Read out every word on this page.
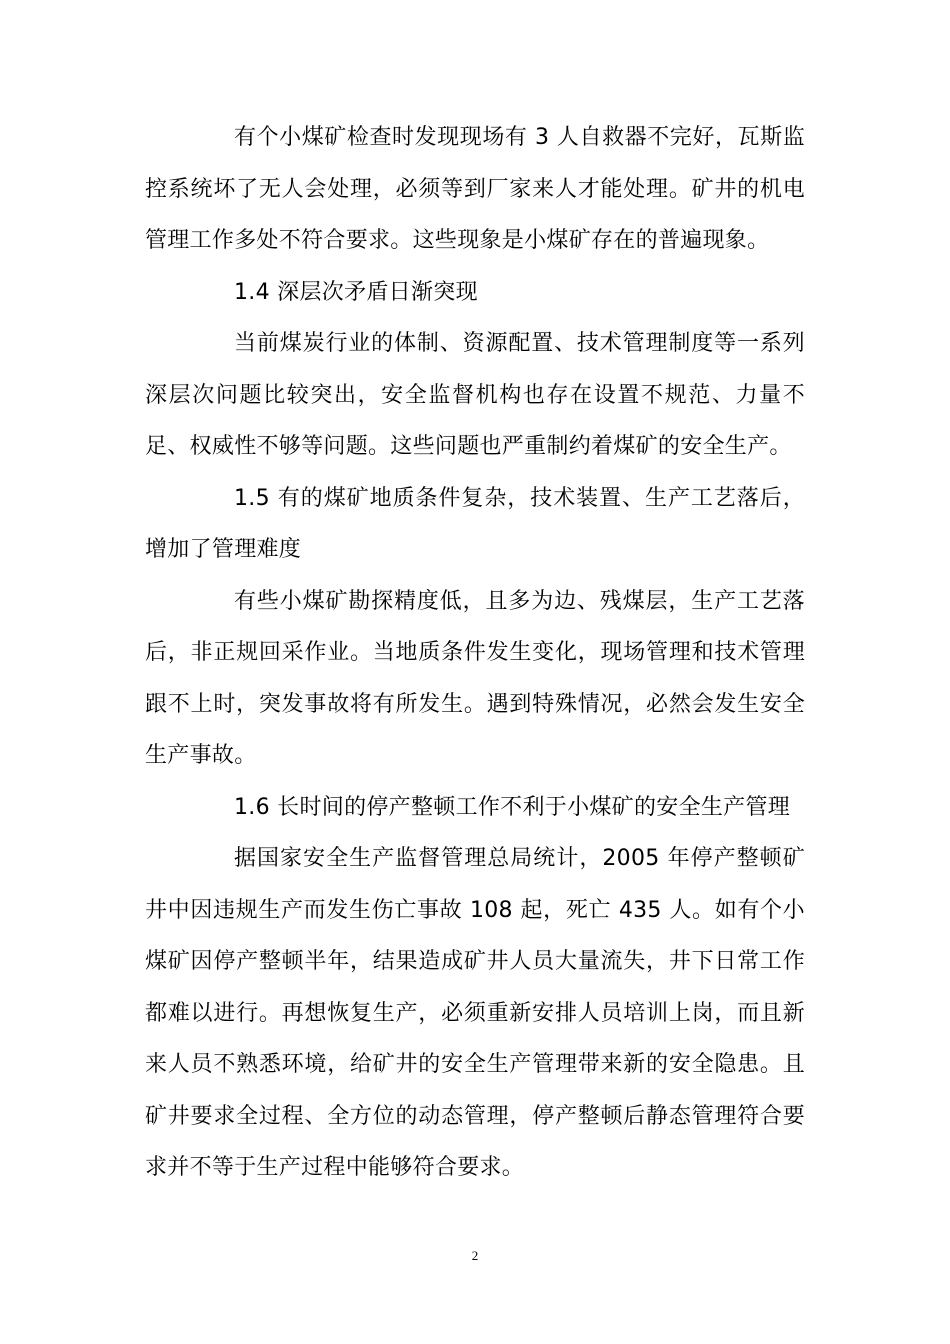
有个小煤矿检查时发现现场有 3 人自救器不完好，瓦斯监控系统坏了无人会处理，必须等到厂家来人才能处理。矿井的机电管理工作多处不符合要求。这些现象是小煤矿存在的普遍现象。

1.4 深层次矛盾日渐突现

当前煤炭行业的体制、资源配置、技术管理制度等一系列深层次问题比较突出，安全监督机构也存在设置不规范、力量不足、权威性不够等问题。这些问题也严重制约着煤矿的安全生产。

1.5 有的煤矿地质条件复杂，技术装置、生产工艺落后，增加了管理难度

有些小煤矿勘探精度低，且多为边、残煤层，生产工艺落后，非正规回采作业。当地质条件发生变化，现场管理和技术管理跟不上时，突发事故将有所发生。遇到特殊情况，必然会发生安全生产事故。

1.6 长时间的停产整顿工作不利于小煤矿的安全生产管理

据国家安全生产监督管理总局统计，2005 年停产整顿矿井中因违规生产而发生伤亡事故 108 起，死亡 435 人。如有个小煤矿因停产整顿半年，结果造成矿井人员大量流失，井下日常工作都难以进行。再想恢复生产，必须重新安排人员培训上岗，而且新来人员不熟悉环境，给矿井的安全生产管理带来新的安全隐患。且矿井要求全过程、全方位的动态管理，停产整顿后静态管理符合要求并不等于生产过程中能够符合要求。

2
